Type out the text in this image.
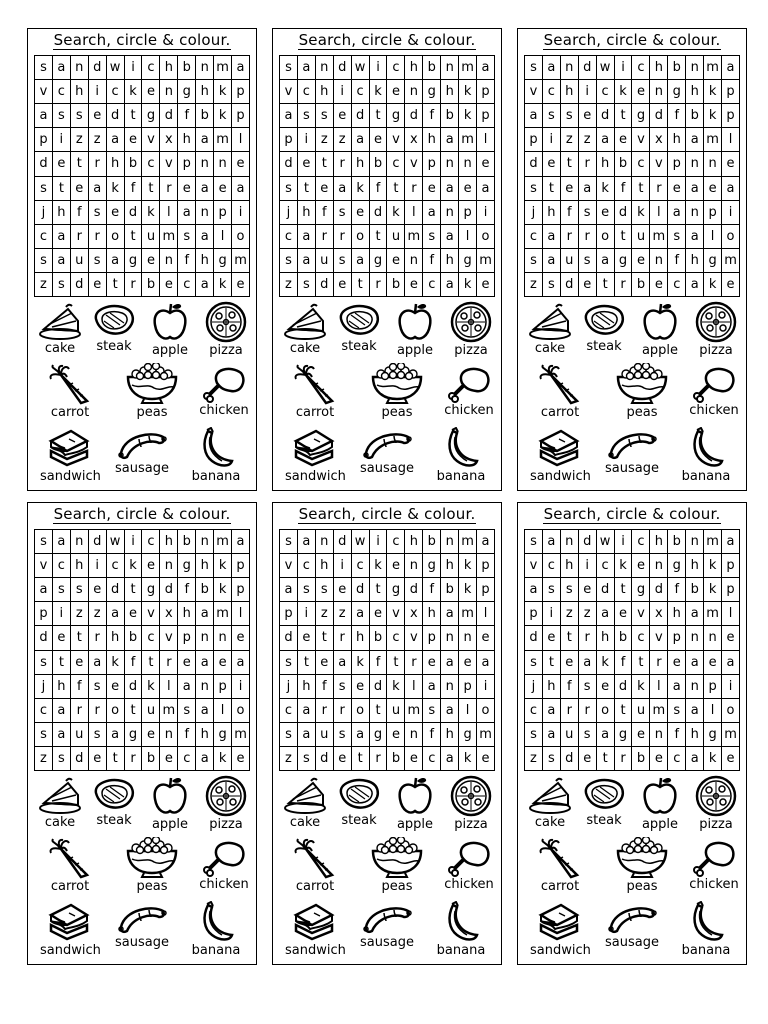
Search, circle & colour.
s a n d w i c h b n m a
v c h i c k e n g h k p
a s s e d t g d f b k p
p i z z a e v x h a m l
d e t r h b c v p n n e
s t e a k f	t r e a e a
j h f s e d k l a n p i
c a r r o t u m s a l o
s a u s a g e n f h g m
z s d e t r b e c a k e
cake	steak	apple	pizza
carrot	peas	chicken
sandwich
sausage
banana
Search, circle & colour.
s a n d w i c h b n m a
v c h i c k e n g h k p
a s s e d t g d f b k p
p i z z a e v x h a m l
d e t r h b c v p n n e
s t e a k f	t r e a e a
j h f s e d k l a n p i
c a r r o t u m s a l o
s a u s a g e n f h g m
z s d e t r b e c a k e
cake	steak	apple	pizza
carrot	peas	chicken
sandwich
sausage
banana
Search, circle & colour.
s a n d w i c h b n m a
v c h i c k e n g h k p
a s s e d t g d f b k p
p i z z a e v x h a m l
d e t r h b c v p n n e
s t e a k f	t r e a e a
j h f s e d k l a n p i
c a r r o t u m s a l o
s a u s a g e n f h g m
z s d e t r b e c a k e
cake	steak	apple	pizza
carrot	peas	chicken
sandwich
sausage
banana
Search, circle & colour.
s a n d w i c h b n m a
v c h i c k e n g h k p
a s s e d t g d f b k p
p i z z a e v x h a m l
d e t r h b c v p n n e
s t e a k f	t r e a e a
j h f s e d k l a n p i
c a r r o t u m s a l o
s a u s a g e n f h g m
z s d e t r b e c a k e
cake	steak	apple	pizza
carrot	peas	chicken
sandwich
sausage
banana
Search, circle & colour.
s a n d w i c h b n m a
v c h i c k e n g h k p
a s s e d t g d f b k p
p i z z a e v x h a m l
d e t r h b c v p n n e
s t e a k f	t r e a e a
j h f s e d k l a n p i
c a r r o t u m s a l o
s a u s a g e n f h g m
z s d e t r b e c a k e
cake	steak	apple	pizza
carrot	peas	chicken
sandwich
sausage
banana
Search, circle & colour.
s a n d w i c h b n m a
v c h i c k e n g h k p
a s s e d t g d f b k p
p i z z a e v x h a m l
d e t r h b c v p n n e
s t e a k f	t r e a e a
j h f s e d k l a n p i
c a r r o t u m s a l o
s a u s a g e n f h g m
z s d e t r b e c a k e
cake	steak	apple	pizza
carrot	peas	chicken
sandwich
sausage
banana
